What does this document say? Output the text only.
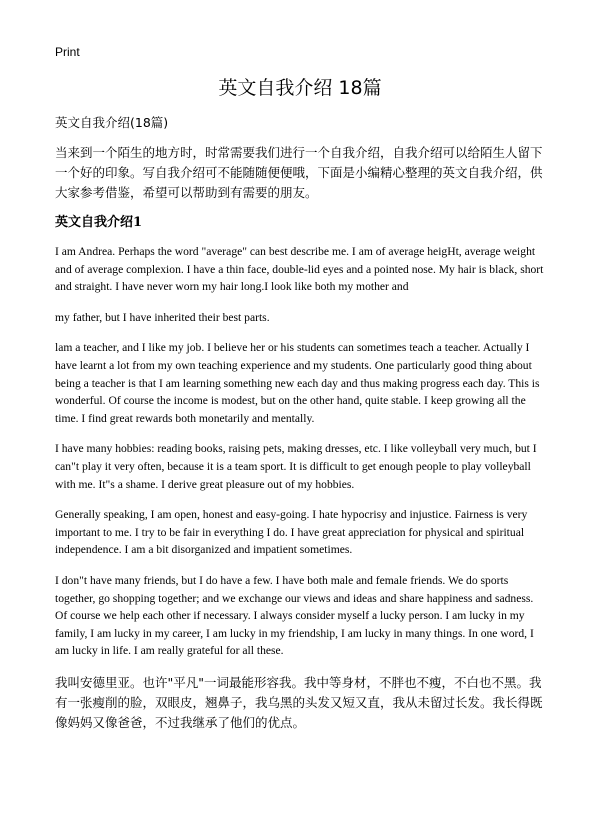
Print
英文自我介绍 18篇
英文自我介绍(18篇)

当来到一个陌生的地方时，时常需要我们进行一个自我介绍，自我介绍可以给陌生人留下一个好的印象。写自我介绍可不能随随便便哦，下面是小编精心整理的英文自我介绍，供大家参考借鉴，希望可以帮助到有需要的朋友。

英文自我介绍1

I am Andrea. Perhaps the word "average" can best describe me. I am of average heigHt, average weight and of average complexion. I have a thin face, double-lid eyes and a pointed nose. My hair is black, short and straight. I have never worn my hair long.I look like both my mother and

my father, but I have inherited their best parts.

lam a teacher, and I like my job. I believe her or his students can sometimes teach a teacher. Actually I have learnt a lot from my own teaching experience and my students. One particularly good thing about being a teacher is that I am learning something new each day and thus making progress each day. This is wonderful. Of course the income is modest, but on the other hand, quite stable. I keep growing all the time. I find great rewards both monetarily and mentally.

I have many hobbies: reading books, raising pets, making dresses, etc. I like volleyball very much, but I can"t play it very often, because it is a team sport. It is difficult to get enough people to play volleyball with me. It"s a shame. I derive great pleasure out of my hobbies.

Generally speaking, I am open, honest and easy-going. I hate hypocrisy and injustice. Fairness is very important to me. I try to be fair in everything I do. I have great appreciation for physical and spiritual independence. I am a bit disorganized and impatient sometimes.

I don"t have many friends, but I do have a few. I have both male and female friends. We do sports together, go shopping together; and we exchange our views and ideas and share happiness and sadness. Of course we help each other if necessary. I always consider myself a lucky person. I am lucky in my family, I am lucky in my career, I am lucky in my friendship, I am lucky in many things. In one word, I am lucky in life. I am really grateful for all these.

我叫安德里亚。也许"平凡"一词最能形容我。我中等身材，不胖也不瘦，不白也不黑。我有一张瘦削的脸，双眼皮，翘鼻子，我乌黑的头发又短又直，我从未留过长发。我长得既像妈妈又像爸爸，不过我继承了他们的优点。
